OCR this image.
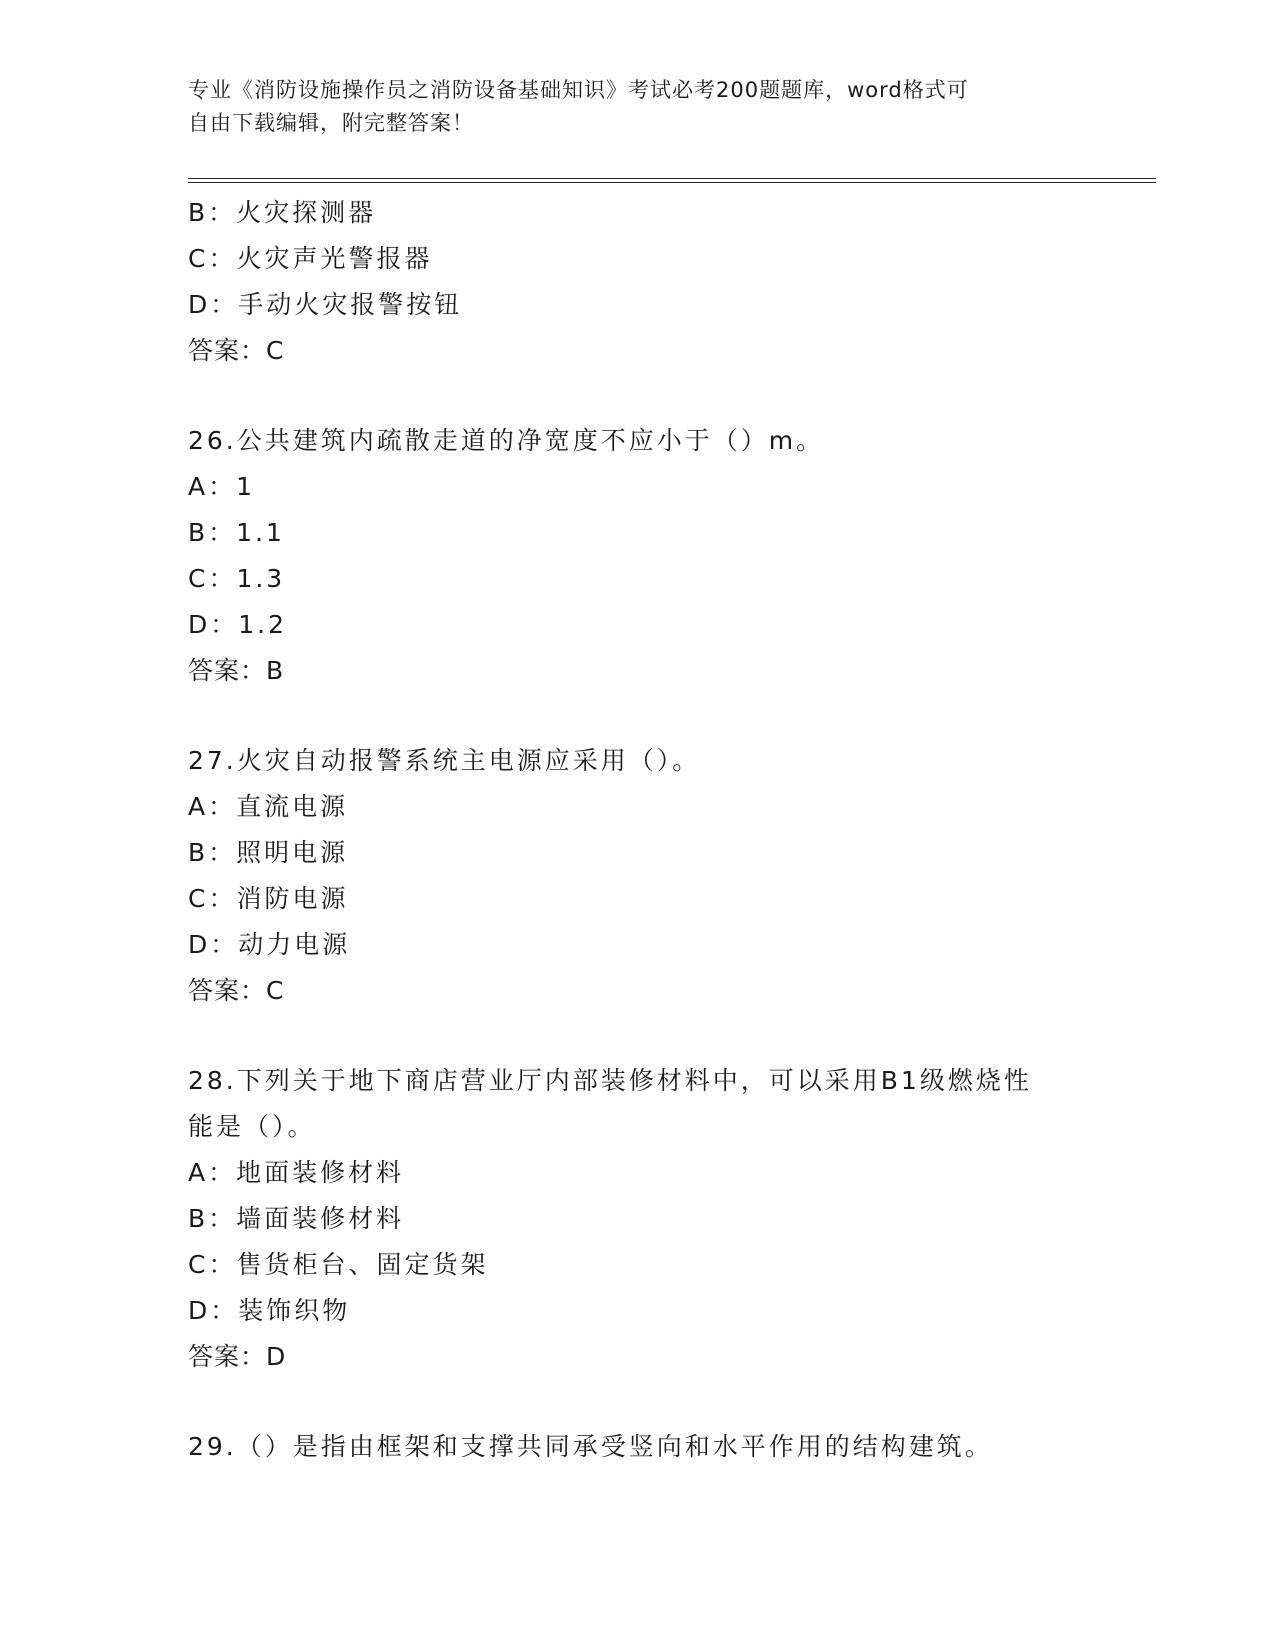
专业《消防设施操作员之消防设备基础知识》考试必考200题题库，word格式可
自由下载编辑，附完整答案！
B：火灾探测器
C：火灾声光警报器
D：手动火灾报警按钮
答案：C
26.公共建筑内疏散走道的净宽度不应小于（）m。
A：1
B：1.1
C：1.3
D：1.2
答案：B
27.火灾自动报警系统主电源应采用（）。
A：直流电源
B：照明电源
C：消防电源
D：动力电源
答案：C
28.下列关于地下商店营业厅内部装修材料中，可以采用B1级燃烧性
能是（）。
A：地面装修材料
B：墙面装修材料
C：售货柜台、固定货架
D：装饰织物
答案：D
29.（）是指由框架和支撑共同承受竖向和水平作用的结构建筑。
